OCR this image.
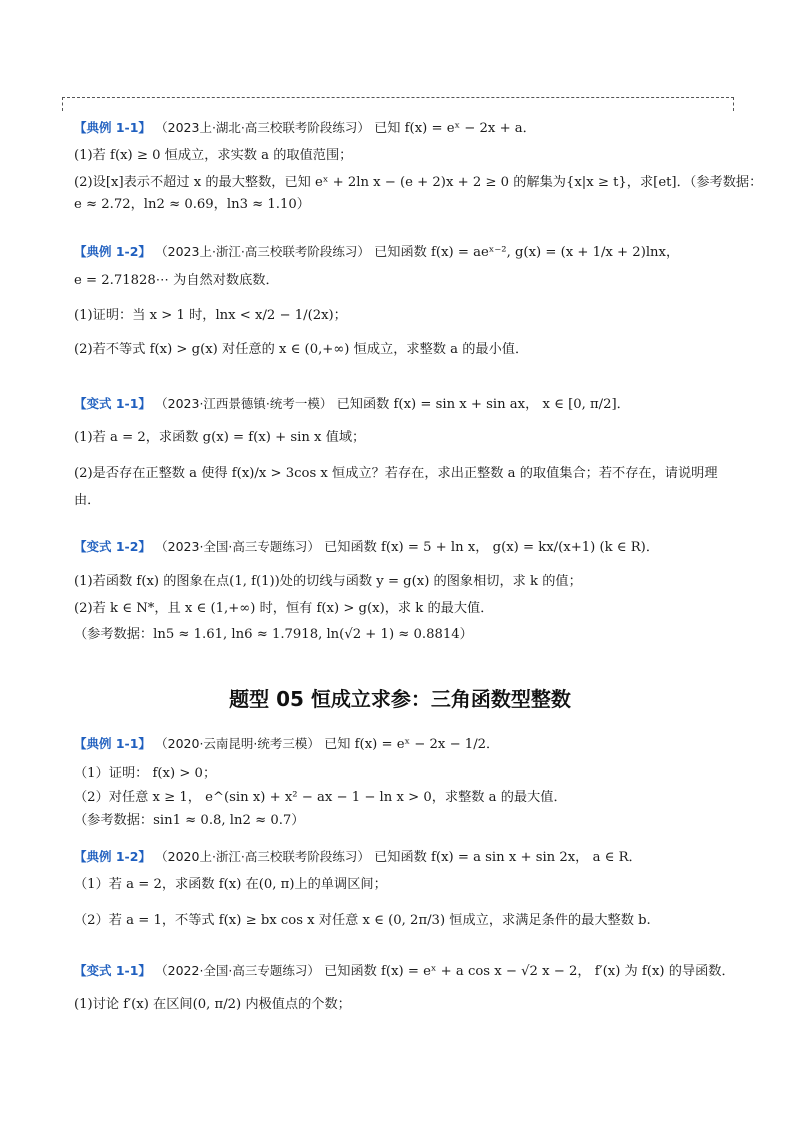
【典例 1-1】 （2023上·湖北·高三校联考阶段练习） 已知 f(x) = eˣ − 2x + a．
(1)若 f(x) ≥ 0 恒成立，求实数 a 的取值范围；
(2)设[x]表示不超过 x 的最大整数，已知 eˣ + 2ln x − (e + 2)x + 2 ≥ 0 的解集为{x|x ≥ t}，求[et]．（参考数据：
e ≈ 2.72，ln2 ≈ 0.69，ln3 ≈ 1.10）
【典例 1-2】 （2023上·浙江·高三校联考阶段练习） 已知函数 f(x) = aeˣ⁻², g(x) = (x + 1/x + 2)lnx，
e = 2.71828⋯ 为自然对数底数．
(1)证明：当 x > 1 时，lnx < x/2 − 1/(2x)；
(2)若不等式 f(x) > g(x) 对任意的 x ∈ (0,+∞) 恒成立，求整数 a 的最小值．
【变式 1-1】 （2023·江西景德镇·统考一模） 已知函数 f(x) = sin x + sin ax， x ∈ [0, π/2]．
(1)若 a = 2，求函数 g(x) = f(x) + sin x 值域；
(2)是否存在正整数 a 使得 f(x)/x > 3cos x 恒成立？若存在，求出正整数 a 的取值集合；若不存在，请说明理
由．
【变式 1-2】 （2023·全国·高三专题练习） 已知函数 f(x) = 5 + ln x， g(x) = kx/(x+1) (k ∈ R)．
(1)若函数 f(x) 的图象在点(1, f(1))处的切线与函数 y = g(x) 的图象相切，求 k 的值；
(2)若 k ∈ N*，且 x ∈ (1,+∞) 时，恒有 f(x) > g(x)，求 k 的最大值．
（参考数据：ln5 ≈ 1.61, ln6 ≈ 1.7918, ln(√2 + 1) ≈ 0.8814）
题型 05 恒成立求参：三角函数型整数
【典例 1-1】 （2020·云南昆明·统考三模） 已知 f(x) = eˣ − 2x − 1/2．
（1）证明： f(x) > 0；
（2）对任意 x ≥ 1， e^(sin x) + x² − ax − 1 − ln x > 0，求整数 a 的最大值．
（参考数据：sin1 ≈ 0.8, ln2 ≈ 0.7）
【典例 1-2】 （2020上·浙江·高三校联考阶段练习） 已知函数 f(x) = a sin x + sin 2x， a ∈ R．
（1）若 a = 2，求函数 f(x) 在(0, π)上的单调区间；
（2）若 a = 1，不等式 f(x) ≥ bx cos x 对任意 x ∈ (0, 2π/3) 恒成立，求满足条件的最大整数 b.
【变式 1-1】 （2022·全国·高三专题练习） 已知函数 f(x) = eˣ + a cos x − √2 x − 2， f′(x) 为 f(x) 的导函数．
(1)讨论 f′(x) 在区间(0, π/2) 内极值点的个数；
